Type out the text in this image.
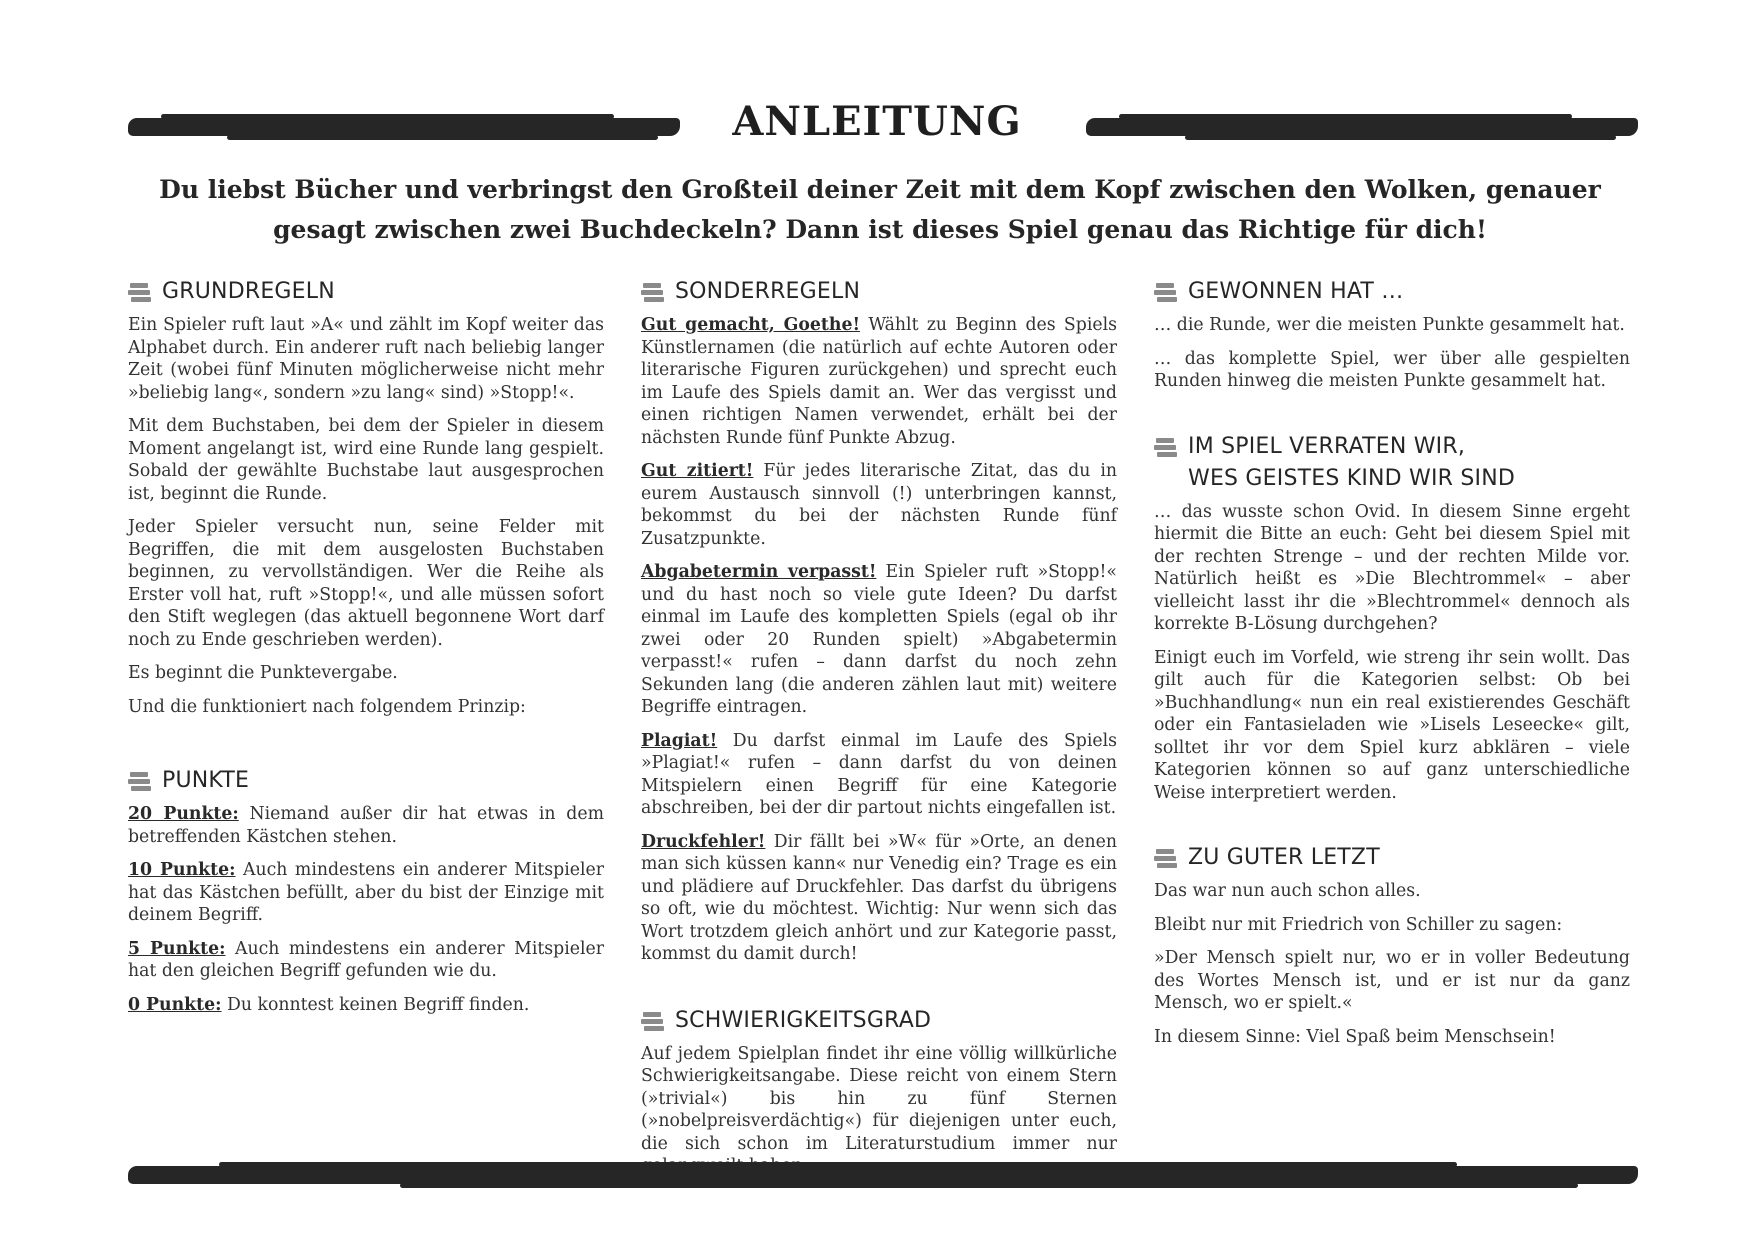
ANLEITUNG
Du liebst Bücher und verbringst den Großteil deiner Zeit mit dem Kopf zwischen den Wolken, genauer
gesagt zwischen zwei Buchdeckeln? Dann ist dieses Spiel genau das Richtige für dich!
GRUNDREGELN

Ein Spieler ruft laut »A« und zählt im Kopf weiter das Alphabet durch. Ein anderer ruft nach beliebig langer Zeit (wobei fünf Minuten möglicherweise nicht mehr »beliebig lang«, sondern »zu lang« sind) »Stopp!«.

Mit dem Buchstaben, bei dem der Spieler in diesem Moment angelangt ist, wird eine Runde lang gespielt. Sobald der gewählte Buchstabe laut ausgesprochen ist, beginnt die Runde.

Jeder Spieler versucht nun, seine Felder mit Begriffen, die mit dem ausgelosten Buchstaben beginnen, zu vervollständigen. Wer die Reihe als Erster voll hat, ruft »Stopp!«, und alle müssen sofort den Stift weglegen (das aktuell begonnene Wort darf noch zu Ende geschrieben werden).

Es beginnt die Punktevergabe.

Und die funktioniert nach folgendem Prinzip:

PUNKTE

20 Punkte: Niemand außer dir hat etwas in dem betreffenden Kästchen stehen.

10 Punkte: Auch mindestens ein anderer Mitspieler hat das Kästchen befüllt, aber du bist der Einzige mit deinem Begriff.

5 Punkte: Auch mindestens ein anderer Mitspieler hat den gleichen Begriff gefunden wie du.

0 Punkte: Du konntest keinen Begriff finden.

SONDERREGELN

Gut gemacht, Goethe! Wählt zu Beginn des Spiels Künstlernamen (die natürlich auf echte Autoren oder literarische Figuren zurückgehen) und sprecht euch im Laufe des Spiels damit an. Wer das vergisst und einen richtigen Namen verwendet, erhält bei der nächsten Runde fünf Punkte Abzug.

Gut zitiert! Für jedes literarische Zitat, das du in eurem Austausch sinnvoll (!) unterbringen kannst, bekommst du bei der nächsten Runde fünf Zusatzpunkte.

Abgabetermin verpasst! Ein Spieler ruft »Stopp!« und du hast noch so viele gute Ideen? Du darfst einmal im Laufe des kompletten Spiels (egal ob ihr zwei oder 20 Runden spielt) »Abgabetermin verpasst!« rufen – dann darfst du noch zehn Sekunden lang (die anderen zählen laut mit) weitere Begriffe eintragen.

Plagiat! Du darfst einmal im Laufe des Spiels »Plagiat!« rufen – dann darfst du von deinen Mitspielern einen Begriff für eine Kategorie abschreiben, bei der dir partout nichts eingefallen ist.

Druckfehler! Dir fällt bei »W« für »Orte, an denen man sich küssen kann« nur Venedig ein? Trage es ein und plädiere auf Druckfehler. Das darfst du übrigens so oft, wie du möchtest. Wichtig: Nur wenn sich das Wort trotzdem gleich anhört und zur Kategorie passt, kommst du damit durch!

SCHWIERIGKEITSGRAD

Auf jedem Spielplan findet ihr eine völlig willkürliche Schwierigkeitsangabe. Diese reicht von einem Stern (»trivial«) bis hin zu fünf Sternen (»nobelpreisverdächtig«) für diejenigen unter euch, die sich schon im Literaturstudium immer nur

GEWONNEN HAT …

… die Runde, wer die meisten Punkte gesammelt hat.

… das komplette Spiel, wer über alle gespielten Runden hinweg die meisten Punkte gesammelt hat.

IM SPIEL VERRATEN WIR,
WES GEISTES KIND WIR SIND

… das wusste schon Ovid. In diesem Sinne ergeht hiermit die Bitte an euch: Geht bei diesem Spiel mit der rechten Strenge – und der rechten Milde vor. Natürlich heißt es »Die Blechtrommel« – aber vielleicht lasst ihr die »Blechtrommel« dennoch als korrekte B-Lösung durchgehen?

Einigt euch im Vorfeld, wie streng ihr sein wollt. Das gilt auch für die Kategorien selbst: Ob bei »Buchhandlung« nun ein real existierendes Geschäft oder ein Fantasieladen wie »Lisels Leseecke« gilt, solltet ihr vor dem Spiel kurz abklären – viele Kategorien können so auf ganz unterschiedliche Weise interpretiert werden.

ZU GUTER LETZT

Das war nun auch schon alles.

Bleibt nur mit Friedrich von Schiller zu sagen:

»Der Mensch spielt nur, wo er in voller Bedeutung des Wortes Mensch ist, und er ist nur da ganz Mensch, wo er spielt.«

In diesem Sinne: Viel Spaß beim Menschsein!
